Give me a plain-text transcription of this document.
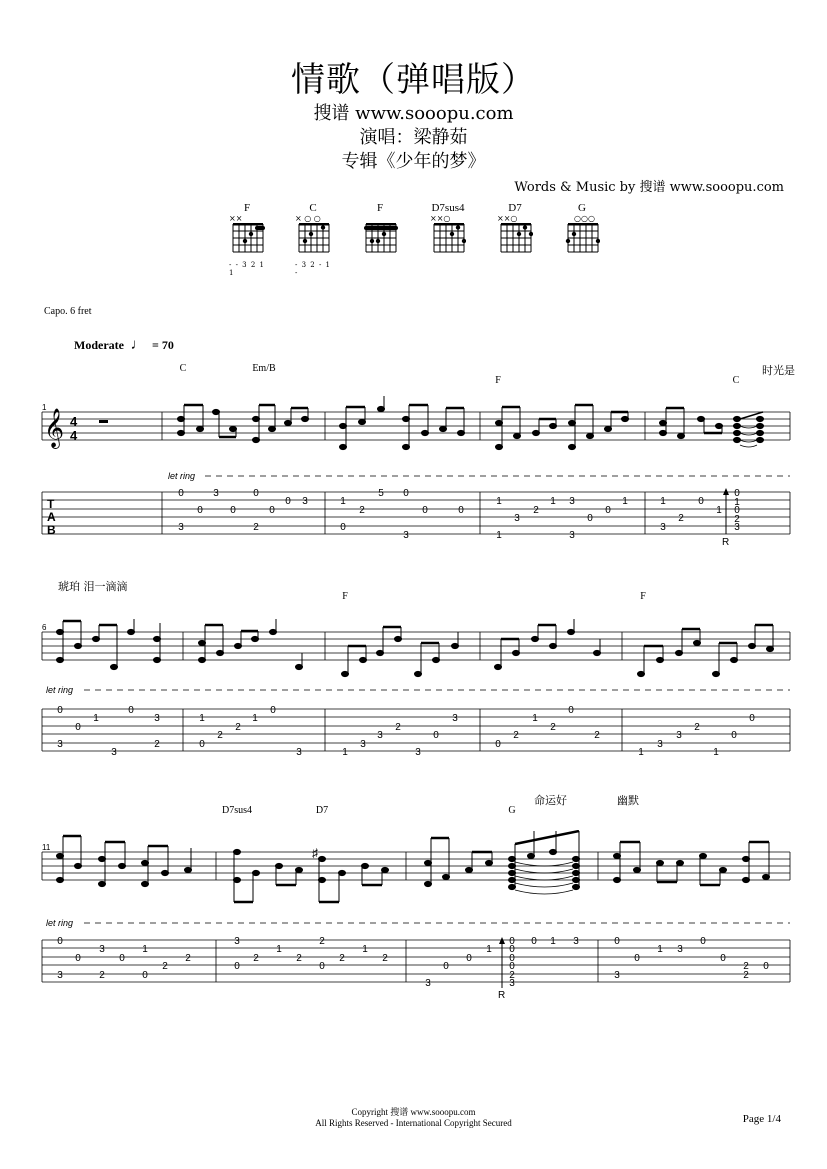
情歌（弹唱版）
搜谱 www.sooopu.com
演唱：梁静茹
专辑《少年的梦》
Words & Music by 搜谱 www.sooopu.com
F
××
- - 3 2 1 1
C
× ○ ○
- 3 2 - 1 -
F	D7sus4
××○
D7
××○
G
○○○
Capo. 6 fret
Moderate ♩ = 70
C	Em/B
F	C
时光是
1
𝄞 4
4
let ring
T
A
B
0	3	0
0	0	0
0 3
3	2
1
5 0
2	0	0
0
3
1
2
1 3
0
1
3	0
1	3
1	0
2
1
3
0
1
0
2
3
R
琥珀 泪一滴滴
F	F
6
let ring
0
1
0
3
0
3
3
2
1
0
2
1
2
0
3
3
2
3	0
3
1	3
1
0
2
2	2
0
0
2
3	0
3
1	1
D7sus4	D7	G
命运好	幽默
11	♯
let ring
0
3	1
0	0
2
2
3	2	0
3	2
2
1
2	2
1
2
0	0
3
0
0
1
0
0
0
0
2
3
0 1 3	0
1 3
0
0	0
2 0
3	2
R
Copyright 搜谱 www.sooopu.com
All Rights Reserved - International Copyright Secured	Page 1/4
